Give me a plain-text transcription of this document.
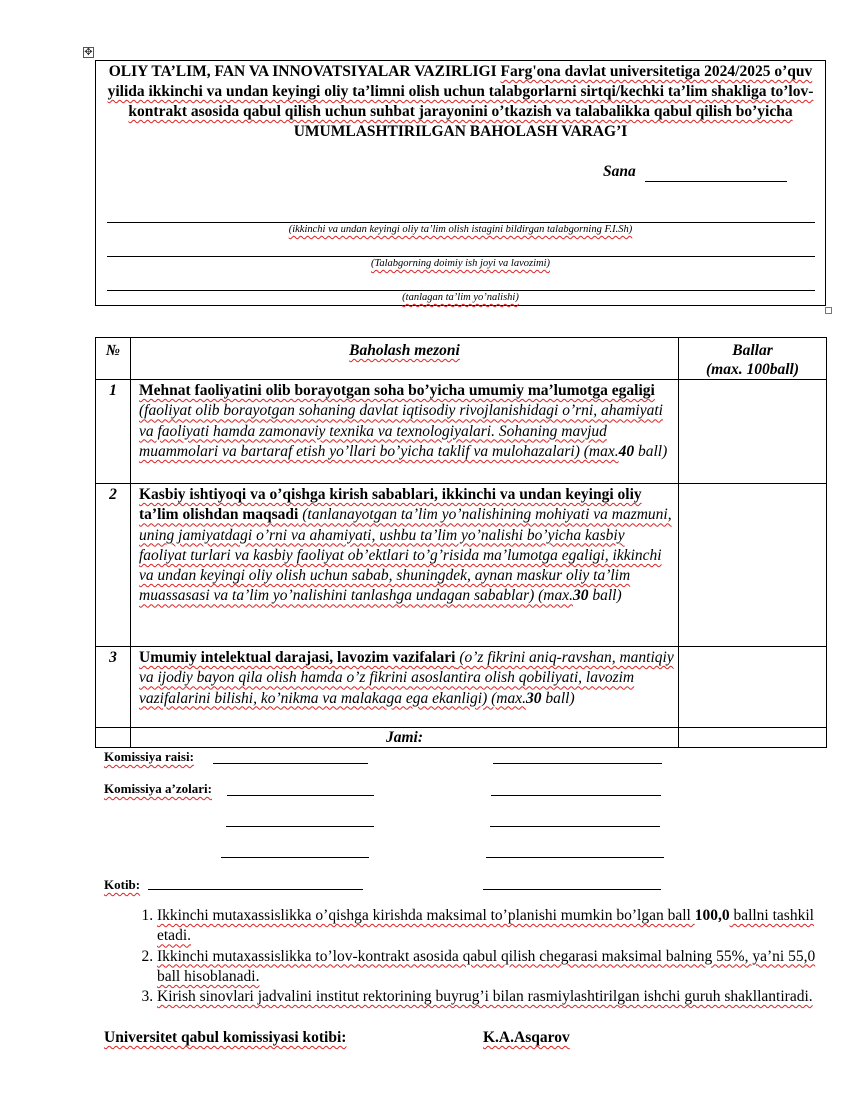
✥
OLIY TA’LIM, FAN VA INNOVATSIYALAR VAZIRLIGI Farg'ona davlat universitetiga 2024/2025 o’quv yilida ikkinchi va undan keyingi oliy ta’limni olish uchun talabgorlarni sirtqi/kechki ta’lim shakliga to’lov-kontrakt asosida qabul qilish uchun suhbat jarayonini o’tkazish va talabalikka qabul qilish bo’yicha UMUMLASHTIRILGAN BAHOLASH VARAG’I
Sana
(ikkinchi va undan keyingi oliy ta’lim olish istagini bildirgan talabgorning F.I.Sh)
(Talabgorning doimiy ish joyi va lavozimi)
(tanlagan ta’lim yo’nalishi)
№	Baholash mezoni	Ballar
(max. 100ball)

1	Mehnat faoliyatini olib borayotgan soha bo’yicha umumiy ma’lumotga egaligi (faoliyat olib borayotgan sohaning davlat iqtisodiy rivojlanishidagi o’rni, ahamiyati va faoliyati hamda zamonaviy texnika va texnologiyalari. Sohaning mavjud muammolari va bartaraf etish yo’llari bo’yicha taklif va mulohazalari) (max.40 ball)	

2	Kasbiy ishtiyoqi va o’qishga kirish sabablari, ikkinchi va undan keyingi oliy ta’lim olishdan maqsadi (tanlanayotgan ta’lim yo’nalishining mohiyati va mazmuni, uning jamiyatdagi o’rni va ahamiyati, ushbu ta’lim yo’nalishi bo’yicha kasbiy faoliyat turlari va kasbiy faoliyat ob’ektlari to’g’risida ma’lumotga egaligi, ikkinchi va undan keyingi oliy olish uchun sabab, shuningdek, aynan maskur oliy ta’lim muassasasi va ta’lim yo’nalishini tanlashga undagan sabablar) (max.30 ball)	

3	Umumiy intelektual darajasi, lavozim vazifalari (o’z fikrini aniq-ravshan, mantiqiy va ijodiy bayon qila olish hamda o’z fikrini asoslantira olish qobiliyati, lavozim vazifalarini bilishi, ko’nikma va malakaga ega ekanligi) (max.30 ball)	

	Jami:	

Komissiya raisi:
Komissiya a’zolari:
Kotib:
1. Ikkinchi mutaxassislikka o’qishga kirishda maksimal to’planishi mumkin bo’lgan ball 100,0 ballni tashkil etadi.
2. Ikkinchi mutaxassislikka to’lov-kontrakt asosida qabul qilish chegarasi maksimal balning 55%, ya’ni 55,0 ball hisoblanadi.
3. Kirish sinovlari jadvalini institut rektorining buyrug’i bilan rasmiylashtirilgan ishchi guruh shakllantiradi.
Universitet qabul komissiyasi kotibi:	K.A.Asqarov
